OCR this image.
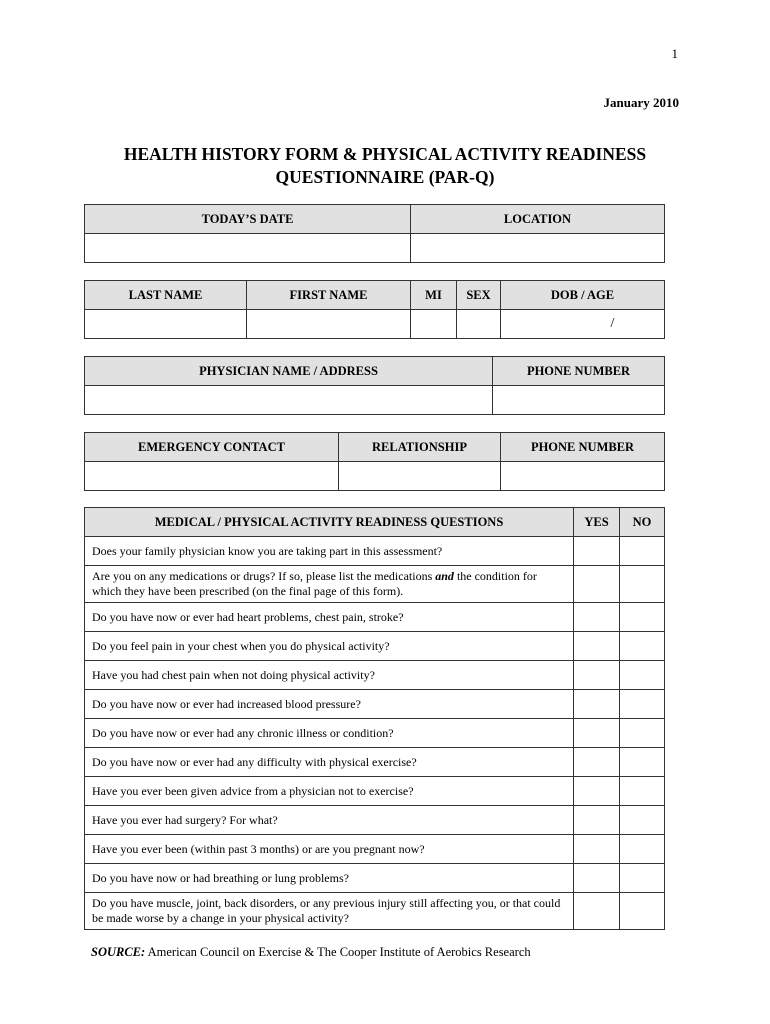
1
January 2010
HEALTH HISTORY FORM & PHYSICAL ACTIVITY READINESS
QUESTIONNAIRE (PAR-Q)
TODAY’S DATE	LOCATION

LAST NAME	FIRST NAME	MI	SEX	DOB / AGE
				/
PHYSICIAN NAME / ADDRESS	PHONE NUMBER

EMERGENCY CONTACT	RELATIONSHIP	PHONE NUMBER

MEDICAL / PHYSICAL ACTIVITY READINESS QUESTIONS	YES	NO
Does your family physician know you are taking part in this assessment?		
Are you on any medications or drugs? If so, please list the medications and the condition for which they have been prescribed (on the final page of this form).		
Do you have now or ever had heart problems, chest pain, stroke?		
Do you feel pain in your chest when you do physical activity?		
Have you had chest pain when not doing physical activity?		
Do you have now or ever had increased blood pressure?		
Do you have now or ever had any chronic illness or condition?		
Do you have now or ever had any difficulty with physical exercise?		
Have you ever been given advice from a physician not to exercise?		
Have you ever had surgery? For what?		
Have you ever been (within past 3 months) or are you pregnant now?		
Do you have now or had breathing or lung problems?		
Do you have muscle, joint, back disorders, or any previous injury still affecting you, or that could be made worse by a change in your physical activity?		
SOURCE: American Council on Exercise & The Cooper Institute of Aerobics Research
